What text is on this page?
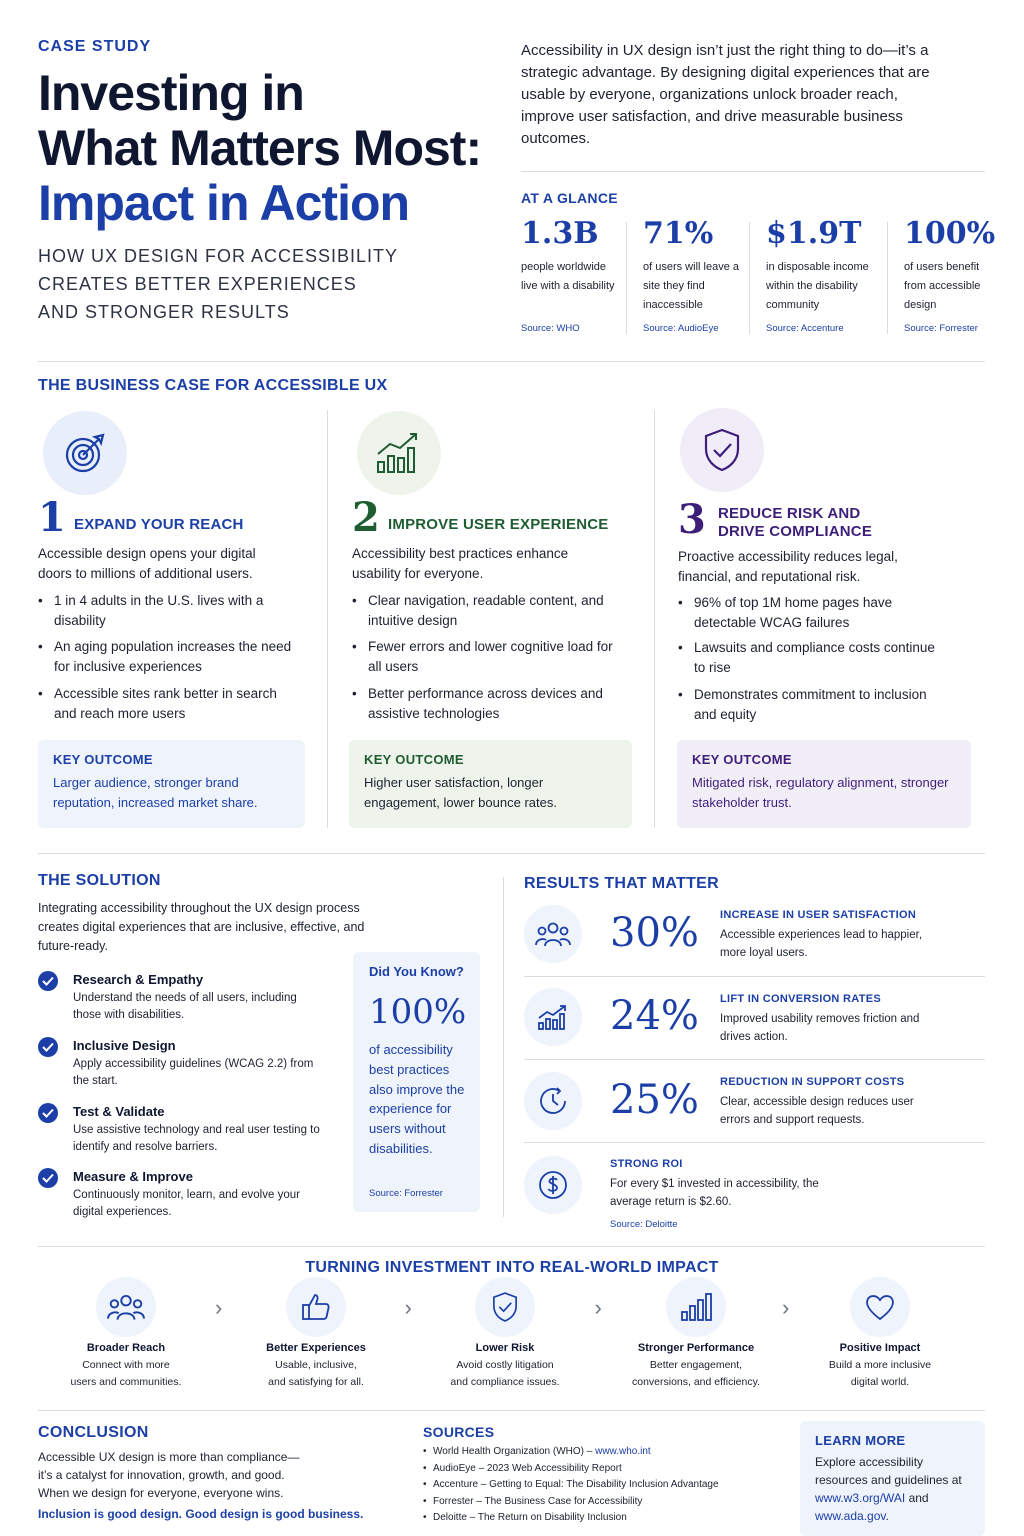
CASE STUDY
Investing in
What Matters Most:
Impact in Action
HOW UX DESIGN FOR ACCESSIBILITY
CREATES BETTER EXPERIENCES
AND STRONGER RESULTS
Accessibility in UX design isn’t just the right thing to do—it’s a strategic advantage. By designing digital experiences that are usable by everyone, organizations unlock broader reach, improve user satisfaction, and drive measurable business outcomes.
AT A GLANCE
1.3B
people worldwide live with a disability
Source: WHO
71%
of users will leave a site they find inaccessible
Source: AudioEye
$1.9T
in disposable income within the disability community
Source: Accenture
100%
of users benefit from accessible design
Source: Forrester
THE BUSINESS CASE FOR ACCESSIBLE UX
1 EXPAND YOUR REACH
Accessible design opens your digital doors to millions of additional users.
• 1 in 4 adults in the U.S. lives with a disability
• An aging population increases the need for inclusive experiences
• Accessible sites rank better in search and reach more users
KEY OUTCOME
Larger audience, stronger brand reputation, increased market share.
2 IMPROVE USER EXPERIENCE
Accessibility best practices enhance usability for everyone.
• Clear navigation, readable content, and intuitive design
• Fewer errors and lower cognitive load for all users
• Better performance across devices and assistive technologies
KEY OUTCOME
Higher user satisfaction, longer engagement, lower bounce rates.
3 REDUCE RISK AND
DRIVE COMPLIANCE
Proactive accessibility reduces legal, financial, and reputational risk.
• 96% of top 1M home pages have detectable WCAG failures
• Lawsuits and compliance costs continue to rise
• Demonstrates commitment to inclusion and equity
KEY OUTCOME
Mitigated risk, regulatory alignment, stronger stakeholder trust.
THE SOLUTION
Integrating accessibility throughout the UX design process creates digital experiences that are inclusive, effective, and future-ready.
Research & Empathy
Understand the needs of all users, including those with disabilities.
Inclusive Design
Apply accessibility guidelines (WCAG 2.2) from the start.
Test & Validate
Use assistive technology and real user testing to identify and resolve barriers.
Measure & Improve
Continuously monitor, learn, and evolve your digital experiences.
Did You Know?
100%
of accessibility best practices also improve the experience for users without disabilities.
Source: Forrester
RESULTS THAT MATTER
30% INCREASE IN USER SATISFACTION
Accessible experiences lead to happier, more loyal users.
24% LIFT IN CONVERSION RATES
Improved usability removes friction and drives action.
25% REDUCTION IN SUPPORT COSTS
Clear, accessible design reduces user errors and support requests.
STRONG ROI
For every $1 invested in accessibility, the average return is $2.60.
Source: Deloitte
TURNING INVESTMENT INTO REAL-WORLD IMPACT
Broader Reach
Connect with more
users and communities.
›
Better Experiences
Usable, inclusive,
and satisfying for all.
›
Lower Risk
Avoid costly litigation
and compliance issues.
›
Stronger Performance
Better engagement,
conversions, and efficiency.
›
Positive Impact
Build a more inclusive
digital world.
CONCLUSION
Accessible UX design is more than compliance—it’s a catalyst for innovation, growth, and good. When we design for everyone, everyone wins.
Inclusion is good design. Good design is good business.
SOURCES
• World Health Organization (WHO) – www.who.int
• AudioEye – 2023 Web Accessibility Report
• Accenture – Getting to Equal: The Disability Inclusion Advantage
• Forrester – The Business Case for Accessibility
• Deloitte – The Return on Disability Inclusion
LEARN MORE
Explore accessibility resources and guidelines at www.w3.org/WAI and www.ada.gov.
